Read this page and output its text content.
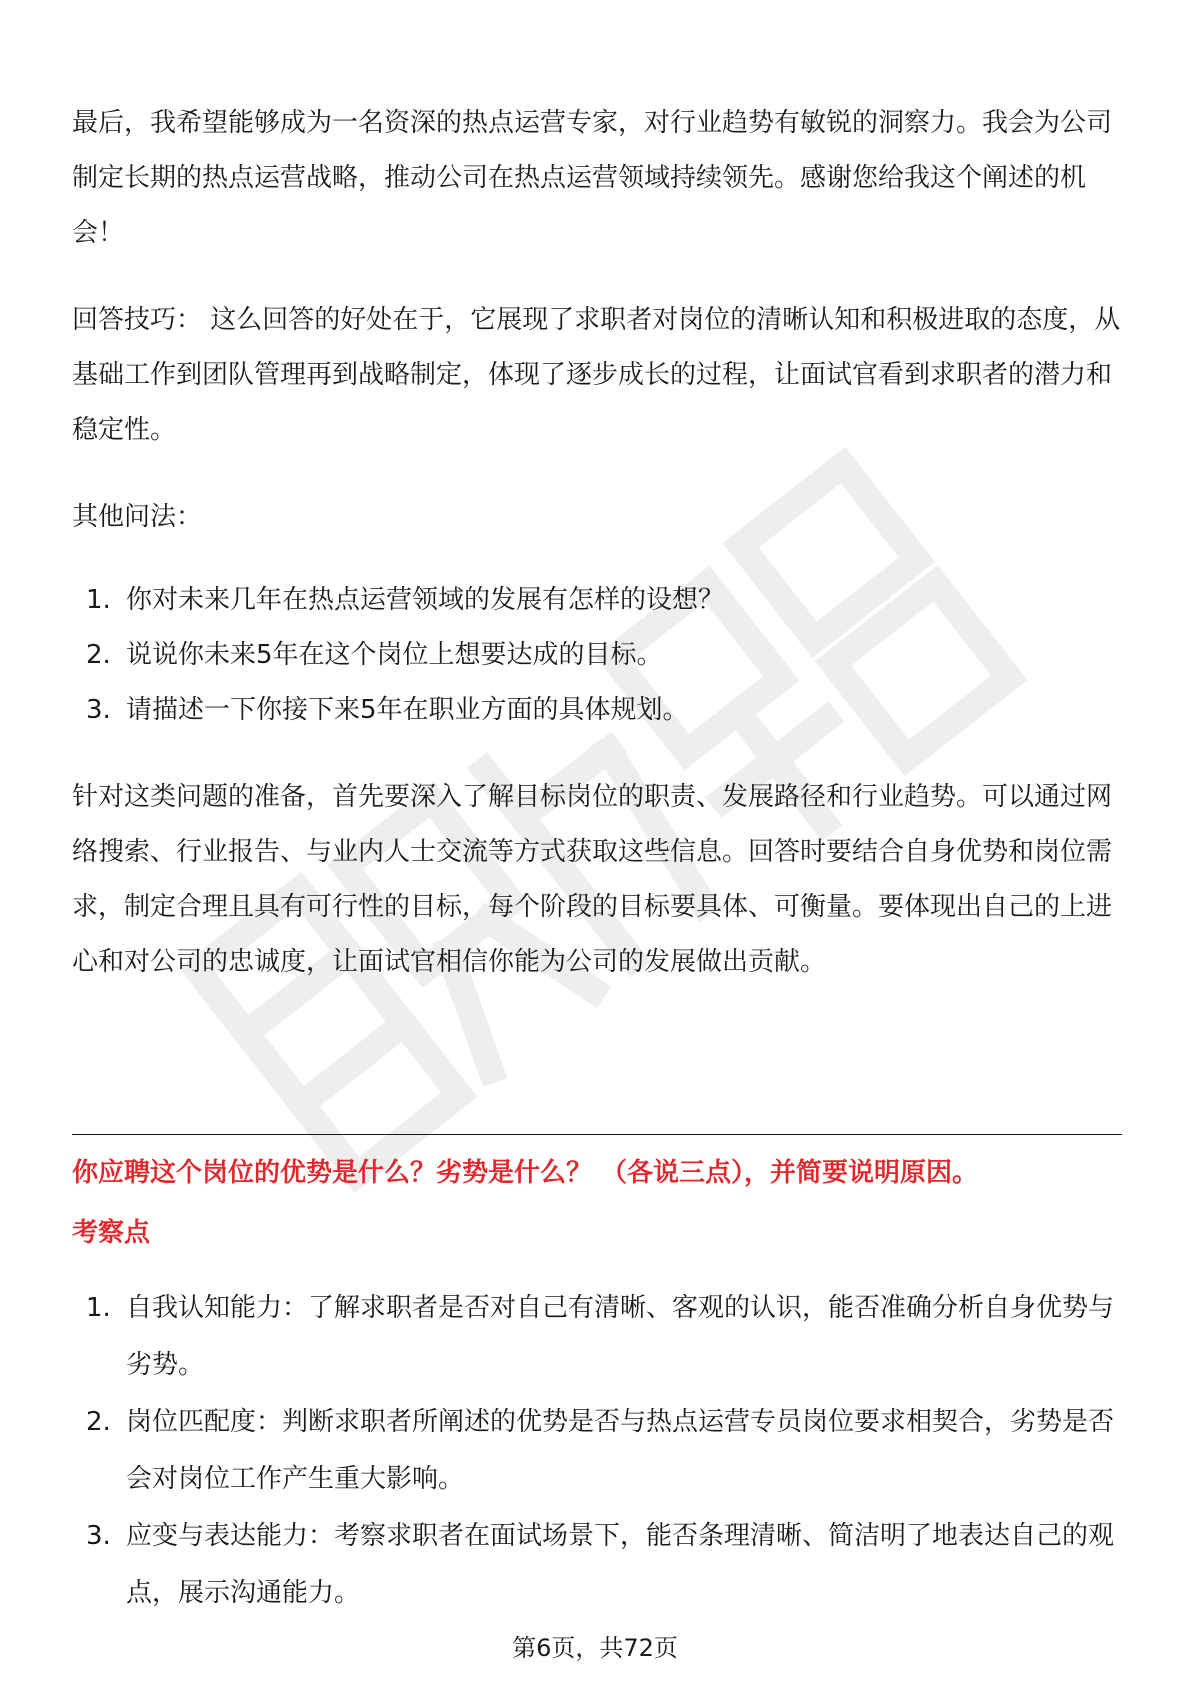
最后，我希望能够成为一名资深的热点运营专家，对行业趋势有敏锐的洞察力。我会为公司制定长期的热点运营战略，推动公司在热点运营领域持续领先。感谢您给我这个阐述的机会！

回答技巧： 这么回答的好处在于，它展现了求职者对岗位的清晰认知和积极进取的态度，从基础工作到团队管理再到战略制定，体现了逐步成长的过程，让面试官看到求职者的潜力和稳定性。

其他问法：

1. 你对未来几年在热点运营领域的发展有怎样的设想？
2. 说说你未来5年在这个岗位上想要达成的目标。
3. 请描述一下你接下来5年在职业方面的具体规划。

针对这类问题的准备，首先要深入了解目标岗位的职责、发展路径和行业趋势。可以通过网络搜索、行业报告、与业内人士交流等方式获取这些信息。回答时要结合自身优势和岗位需求，制定合理且具有可行性的目标，每个阶段的目标要具体、可衡量。要体现出自己的上进心和对公司的忠诚度，让面试官相信你能为公司的发展做出贡献。

你应聘这个岗位的优势是什么？劣势是什么？ （各说三点），并简要说明原因。

考察点

1. 自我认知能力：了解求职者是否对自己有清晰、客观的认识，能否准确分析自身优势与劣势。
2. 岗位匹配度：判断求职者所阐述的优势是否与热点运营专员岗位要求相契合，劣势是否会对岗位工作产生重大影响。
3. 应变与表达能力：考察求职者在面试场景下，能否条理清晰、简洁明了地表达自己的观点，展示沟通能力。
第6页，共72页
